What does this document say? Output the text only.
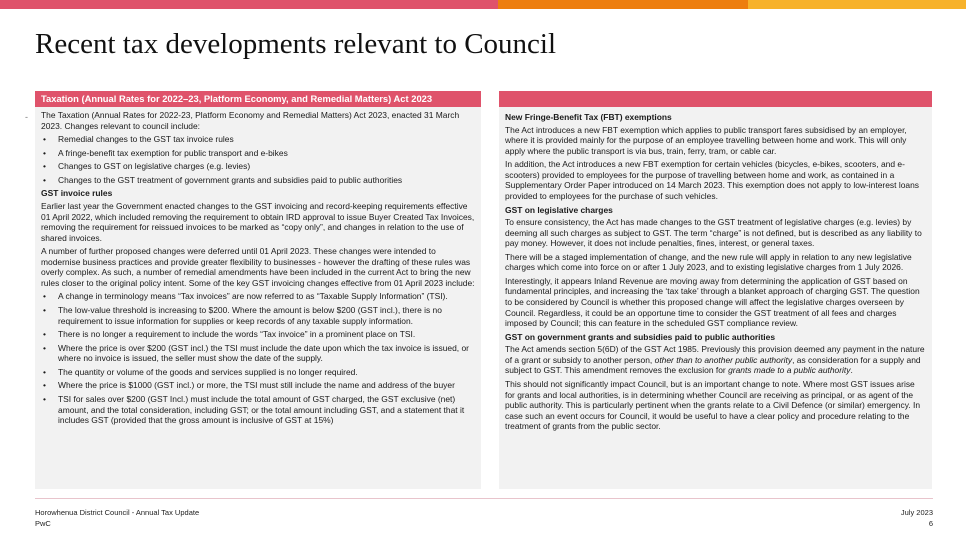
Recent tax developments relevant to Council
-
Taxation (Annual Rates for 2022–23, Platform Economy, and Remedial Matters) Act 2023

The Taxation (Annual Rates for 2022-23, Platform Economy and Remedial Matters) Act 2023, enacted 31 March 2023. Changes relevant to council include:

• Remedial changes to the GST tax invoice rules
• A fringe-benefit tax exemption for public transport and e-bikes
• Changes to GST on legislative charges (e.g. levies)
• Changes to the GST treatment of government grants and subsidies paid to public authorities
GST invoice rules

Earlier last year the Government enacted changes to the GST invoicing and record-keeping requirements effective 01 April 2022, which included removing the requirement to obtain IRD approval to issue Buyer Created Tax Invoices, removing the requirement for reissued invoices to be marked as “copy only”, and changes in relation to the use of shared invoices.

A number of further proposed changes were deferred until 01 April 2023. These changes were intended to modernise business practices and provide greater flexibility to businesses - however the drafting of these rules was overly complex. As such, a number of remedial amendments have been included in the current Act to bring the new rules closer to the original policy intent. Some of the key GST invoicing changes effective from 01 April 2023 include:

• A change in terminology means “Tax invoices” are now referred to as “Taxable Supply Information” (TSI).
• The low-value threshold is increasing to $200. Where the amount is below $200 (GST incl.), there is no requirement to issue information for supplies or keep records of any taxable supply information.
• There is no longer a requirement to include the words “Tax invoice” in a prominent place on TSI.
• Where the price is over $200 (GST incl.) the TSI must include the date upon which the tax invoice is issued, or where no invoice is issued, the seller must show the date of the supply.
• The quantity or volume of the goods and services supplied is no longer required.
• Where the price is $1000 (GST incl.) or more, the TSI must still include the name and address of the buyer
• TSI for sales over $200 (GST Incl.) must include the total amount of GST charged, the GST exclusive (net) amount, and the total consideration, including GST; or the total amount including GST, and a statement that it includes GST (provided that the gross amount is inclusive of GST at 15%)
New Fringe-Benefit Tax (FBT) exemptions

The Act introduces a new FBT exemption which applies to public transport fares subsidised by an employer, where it is provided mainly for the purpose of an employee travelling between home and work. This will only apply where the public transport is via bus, train, ferry, tram, or cable car.

In addition, the Act introduces a new FBT exemption for certain vehicles (bicycles, e-bikes, scooters, and e-scooters) provided to employees for the purpose of travelling between home and work, as contained in a Supplementary Order Paper introduced on 14 March 2023. This exemption does not apply to low-interest loans provided to employees for the purchase of such vehicles.

GST on legislative charges

To ensure consistency, the Act has made changes to the GST treatment of legislative charges (e.g. levies) by deeming all such charges as subject to GST. The term “charge” is not defined, but is described as any liability to pay money. However, it does not include penalties, fines, interest, or general taxes.

There will be a staged implementation of change, and the new rule will apply in relation to any new legislative charges which come into force on or after 1 July 2023, and to existing legislative charges from 1 July 2026.

Interestingly, it appears Inland Revenue are moving away from determining the application of GST based on fundamental principles, and increasing the ‘tax take’ through a blanket approach of charging GST. The question to be considered by Council is whether this proposed change will affect the legislative charges overseen by Council. Regardless, it could be an opportune time to consider the GST treatment of all fees and charges imposed by Council; this can feature in the scheduled GST compliance review.

GST on government grants and subsidies paid to public authorities

The Act amends section 5(6D) of the GST Act 1985. Previously this provision deemed any payment in the nature of a grant or subsidy to another person, other than to another public authority, as consideration for a supply and subject to GST. This amendment removes the exclusion for grants made to a public authority.

This should not significantly impact Council, but is an important change to note. Where most GST issues arise for grants and local authorities, is in determining whether Council are receiving as principal, or as agent of the public authority. This is particularly pertinent when the grants relate to a Civil Defence (or similar) emergency. In case such an event occurs for Council, it would be useful to have a clear policy and procedure relating to the treatment of grants from the public sector.

Horowhenua District Council - Annual Tax Update
PwC
July 2023
6
